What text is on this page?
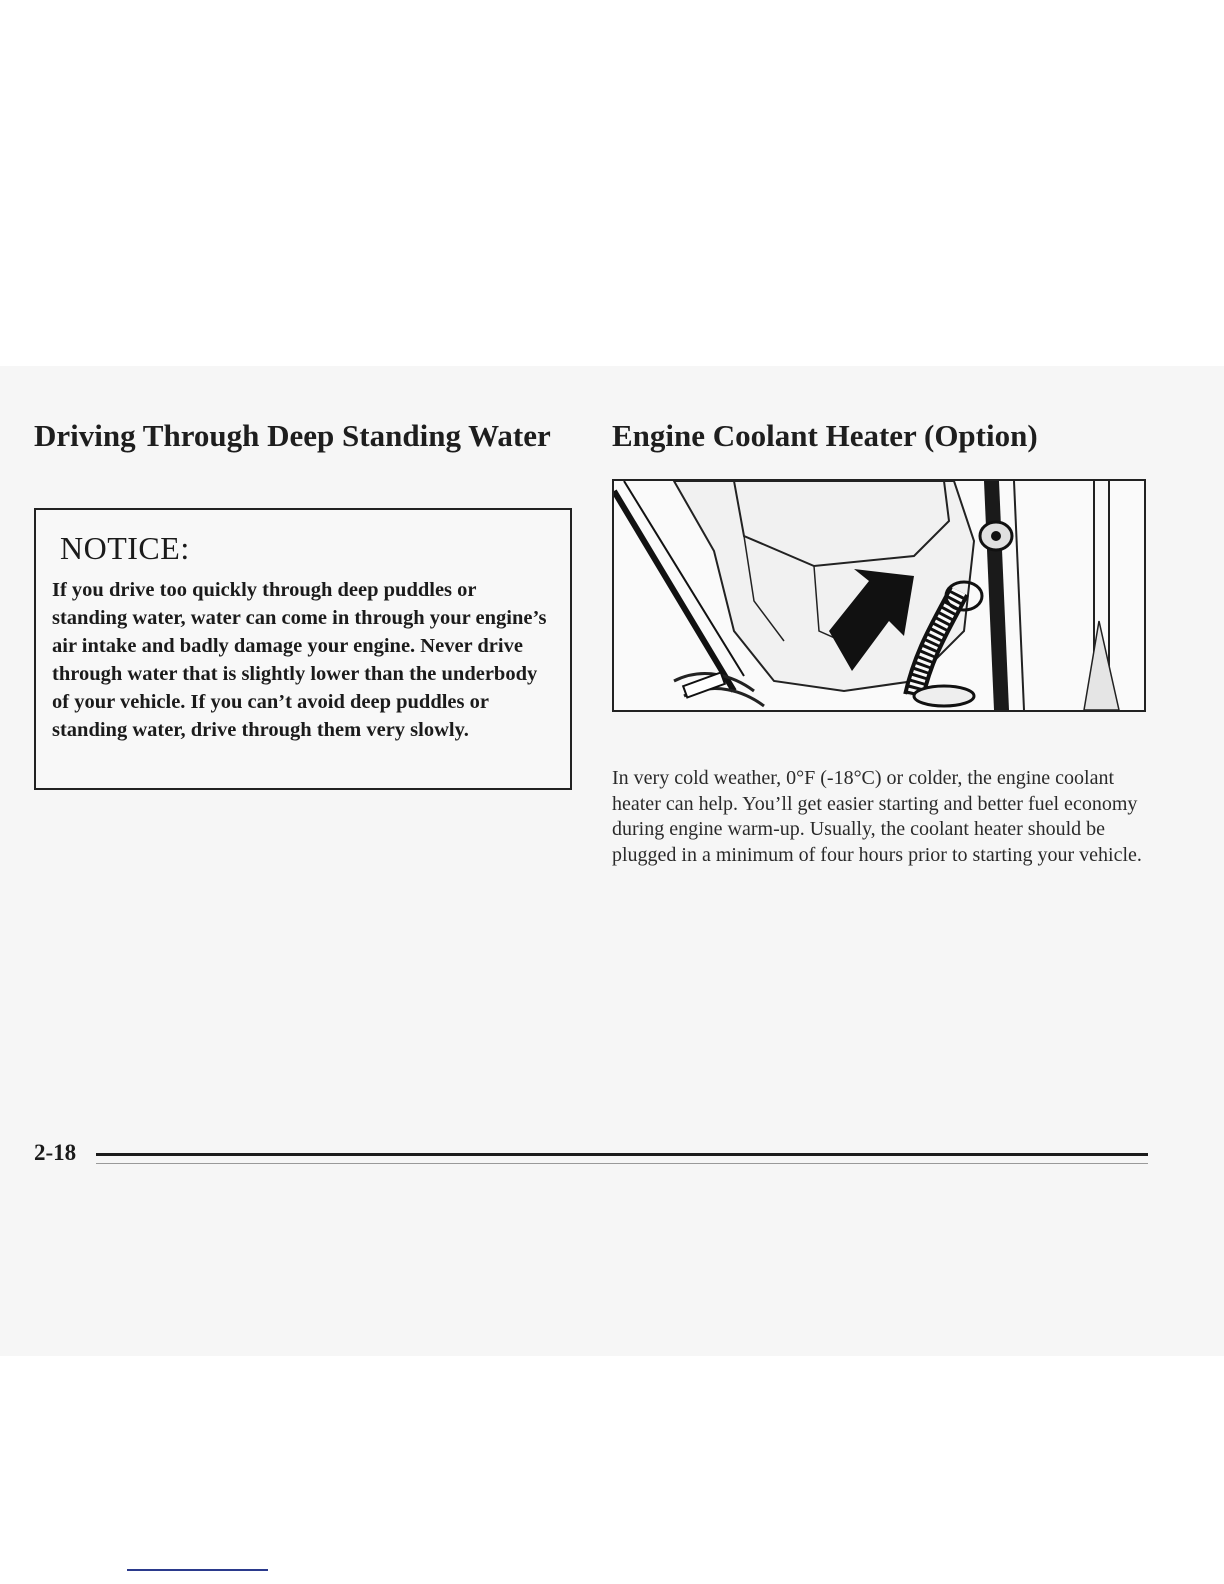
Driving Through Deep Standing Water
NOTICE:
If you drive too quickly through deep puddles or standing water, water can come in through your engine’s air intake and badly damage your engine. Never drive through water that is slightly lower than the underbody of your vehicle. If you can’t avoid deep puddles or standing water, drive through them very slowly.
Engine Coolant Heater (Option)
In very cold weather, 0°F (-18°C) or colder, the engine coolant heater can help. You’ll get easier starting and better fuel economy during engine warm-up. Usually, the coolant heater should be plugged in a minimum of four hours prior to starting your vehicle.
2-18
